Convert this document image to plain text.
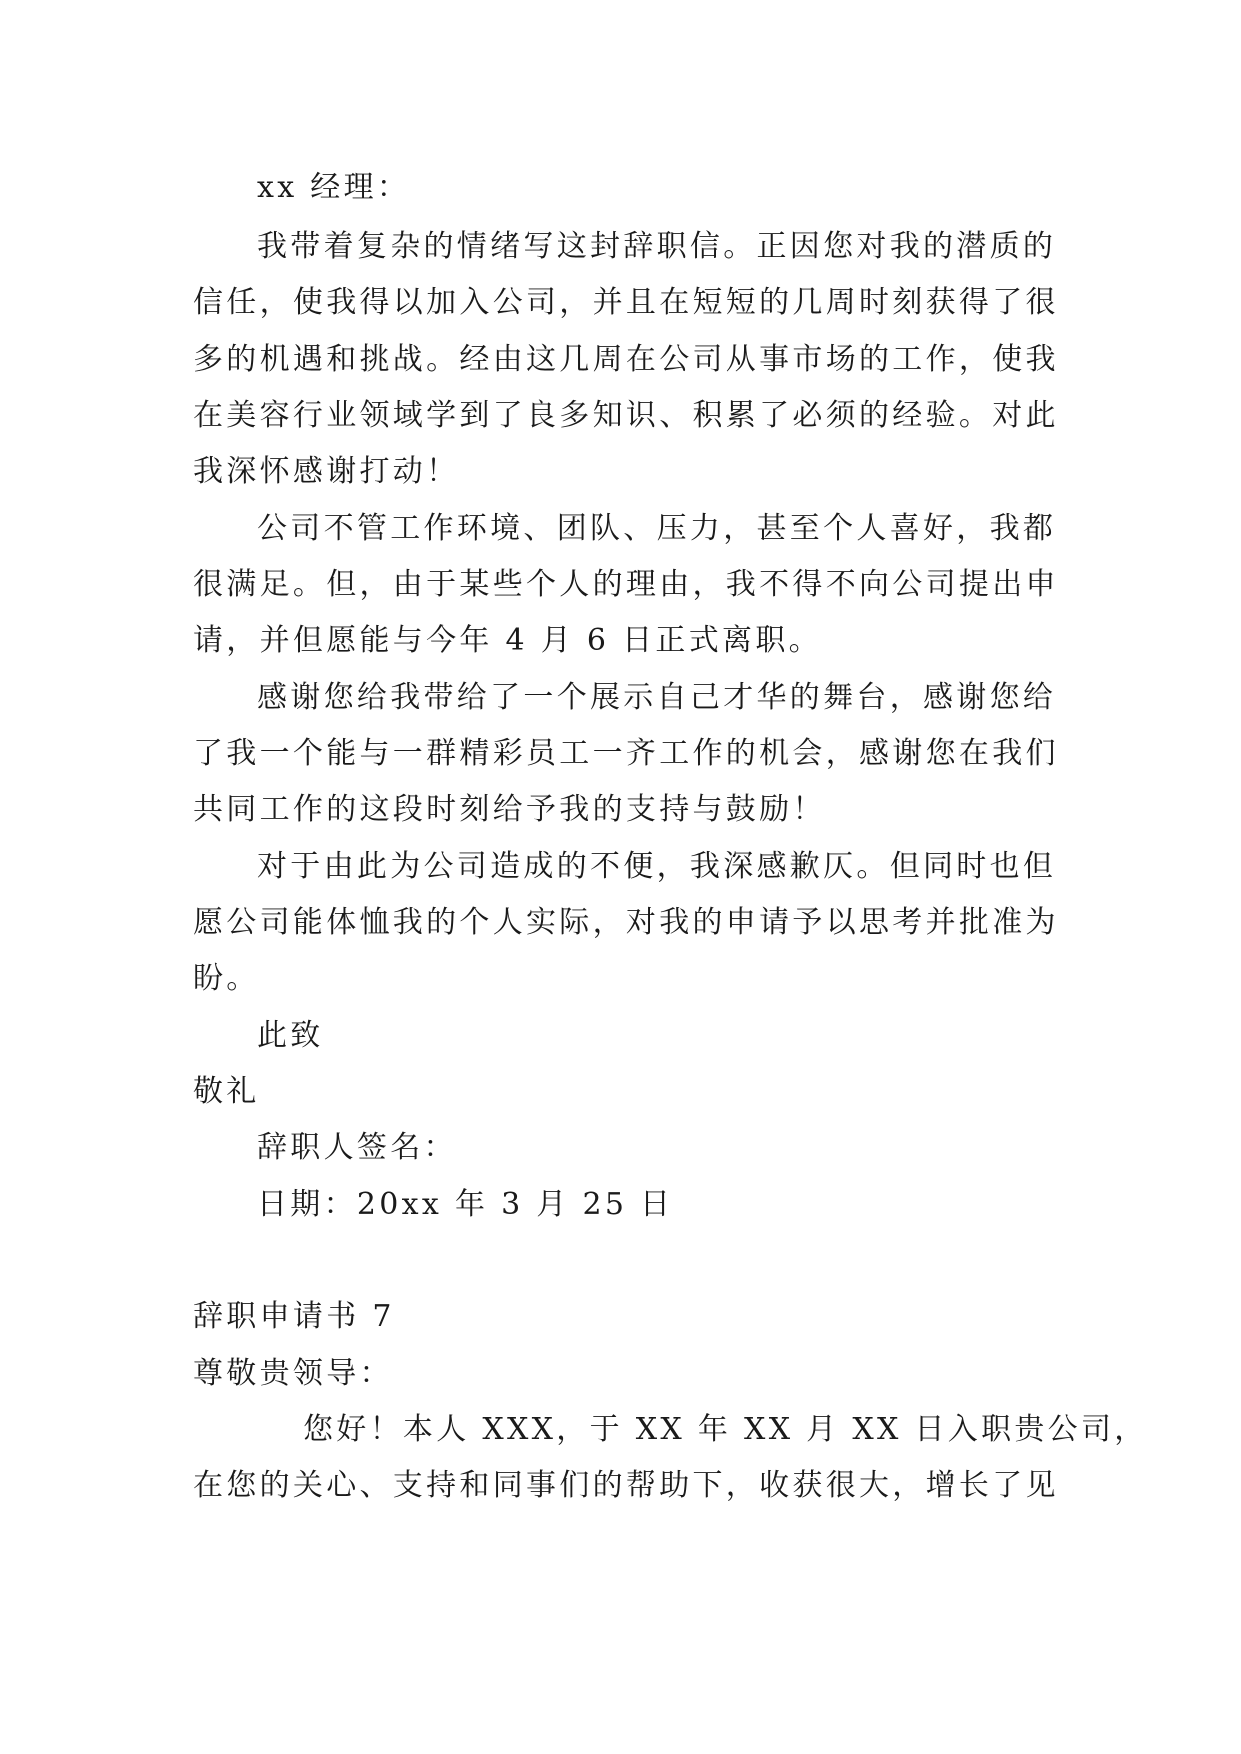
xx 经理：
我带着复杂的情绪写这封辞职信。正因您对我的潜质的
信任，使我得以加入公司，并且在短短的几周时刻获得了很
多的机遇和挑战。经由这几周在公司从事市场的工作，使我
在美容行业领域学到了良多知识、积累了必须的经验。对此
我深怀感谢打动！
公司不管工作环境、团队、压力，甚至个人喜好，我都
很满足。但，由于某些个人的理由，我不得不向公司提出申
请，并但愿能与今年 4 月 6 日正式离职。
感谢您给我带给了一个展示自己才华的舞台，感谢您给
了我一个能与一群精彩员工一齐工作的机会，感谢您在我们
共同工作的这段时刻给予我的支持与鼓励！
对于由此为公司造成的不便，我深感歉仄。但同时也但
愿公司能体恤我的个人实际，对我的申请予以思考并批准为
盼。
此致
敬礼
辞职人签名：
日期：20xx 年 3 月 25 日
辞职申请书 7
尊敬贵领导：
您好！本人 XXX，于 XX 年 XX 月 XX 日入职贵公司，
在您的关心、支持和同事们的帮助下，收获很大，增长了见
